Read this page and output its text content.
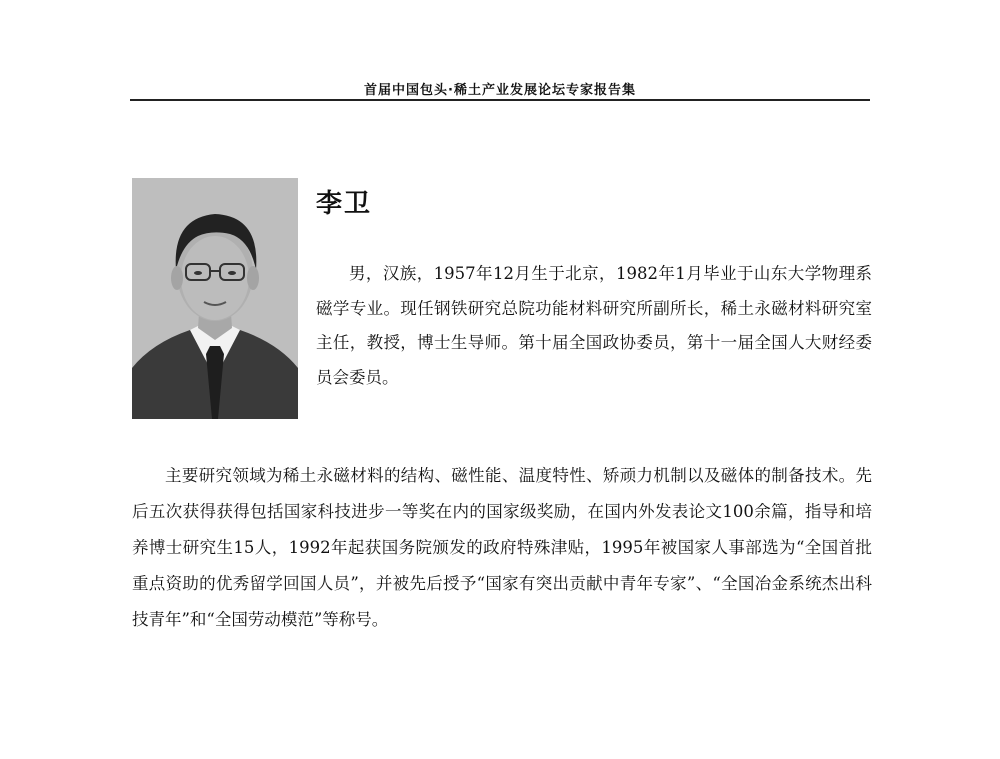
首届中国包头·稀土产业发展论坛专家报告集
李卫

男，汉族，1957年12月生于北京，1982年1月毕业于山东大学物理系磁学专业。现任钢铁研究总院功能材料研究所副所长，稀土永磁材料研究室主任，教授，博士生导师。第十届全国政协委员，第十一届全国人大财经委员会委员。

主要研究领域为稀土永磁材料的结构、磁性能、温度特性、矫顽力机制以及磁体的制备技术。先后五次获得获得包括国家科技进步一等奖在内的国家级奖励，在国内外发表论文100余篇，指导和培养博士研究生15人，1992年起获国务院颁发的政府特殊津贴，1995年被国家人事部选为“全国首批重点资助的优秀留学回国人员”，并被先后授予“国家有突出贡献中青年专家”、“全国冶金系统杰出科技青年”和“全国劳动模范”等称号。
